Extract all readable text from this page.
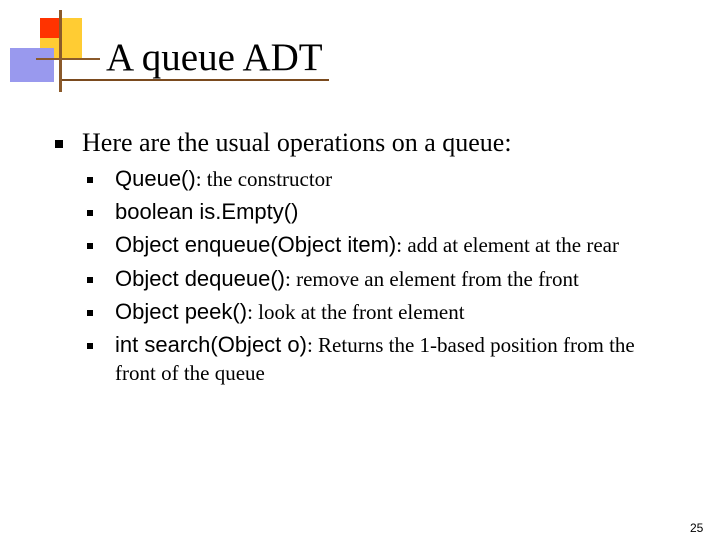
A queue ADT
Here are the usual operations on a queue:
Queue(): the constructor
boolean is.Empty()
Object enqueue(Object item): add at element at the rear
Object dequeue(): remove an element from the front
Object peek(): look at the front element
int search(Object o): Returns the 1-based position from the front of the queue
25
